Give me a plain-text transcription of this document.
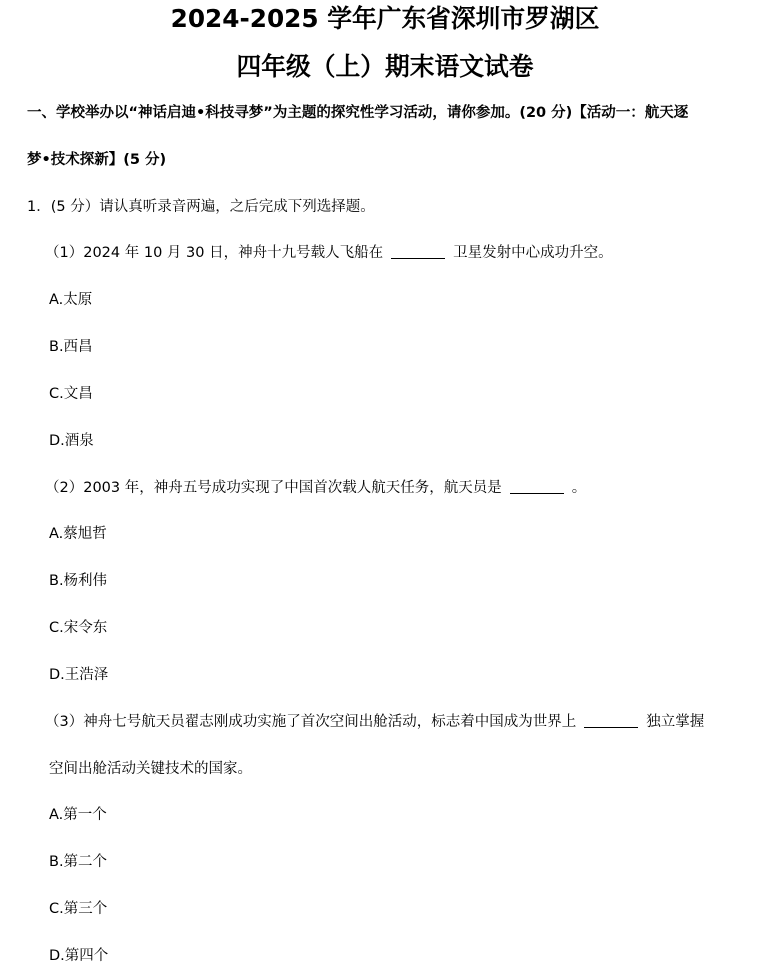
2024-2025 学年广东省深圳市罗湖区
四年级（上）期末语文试卷
一、学校举办以“神话启迪•科技寻梦”为主题的探究性学习活动，请你参加。(20 分)【活动一：航天逐
梦•技术探新】(5 分)
1．(5 分）请认真听录音两遍，之后完成下列选择题。
（1）2024 年 10 月 30 日，神舟十九号载人飞船在	卫星发射中心成功升空。
A.太原
B.西昌
C.文昌
D.酒泉
（2）2003 年，神舟五号成功实现了中国首次载人航天任务，航天员是	。
A.蔡旭哲
B.杨利伟
C.宋令东
D.王浩泽
（3）神舟七号航天员翟志刚成功实施了首次空间出舱活动，标志着中国成为世界上	独立掌握
空间出舱活动关键技术的国家。
A.第一个
B.第二个
C.第三个
D.第四个
